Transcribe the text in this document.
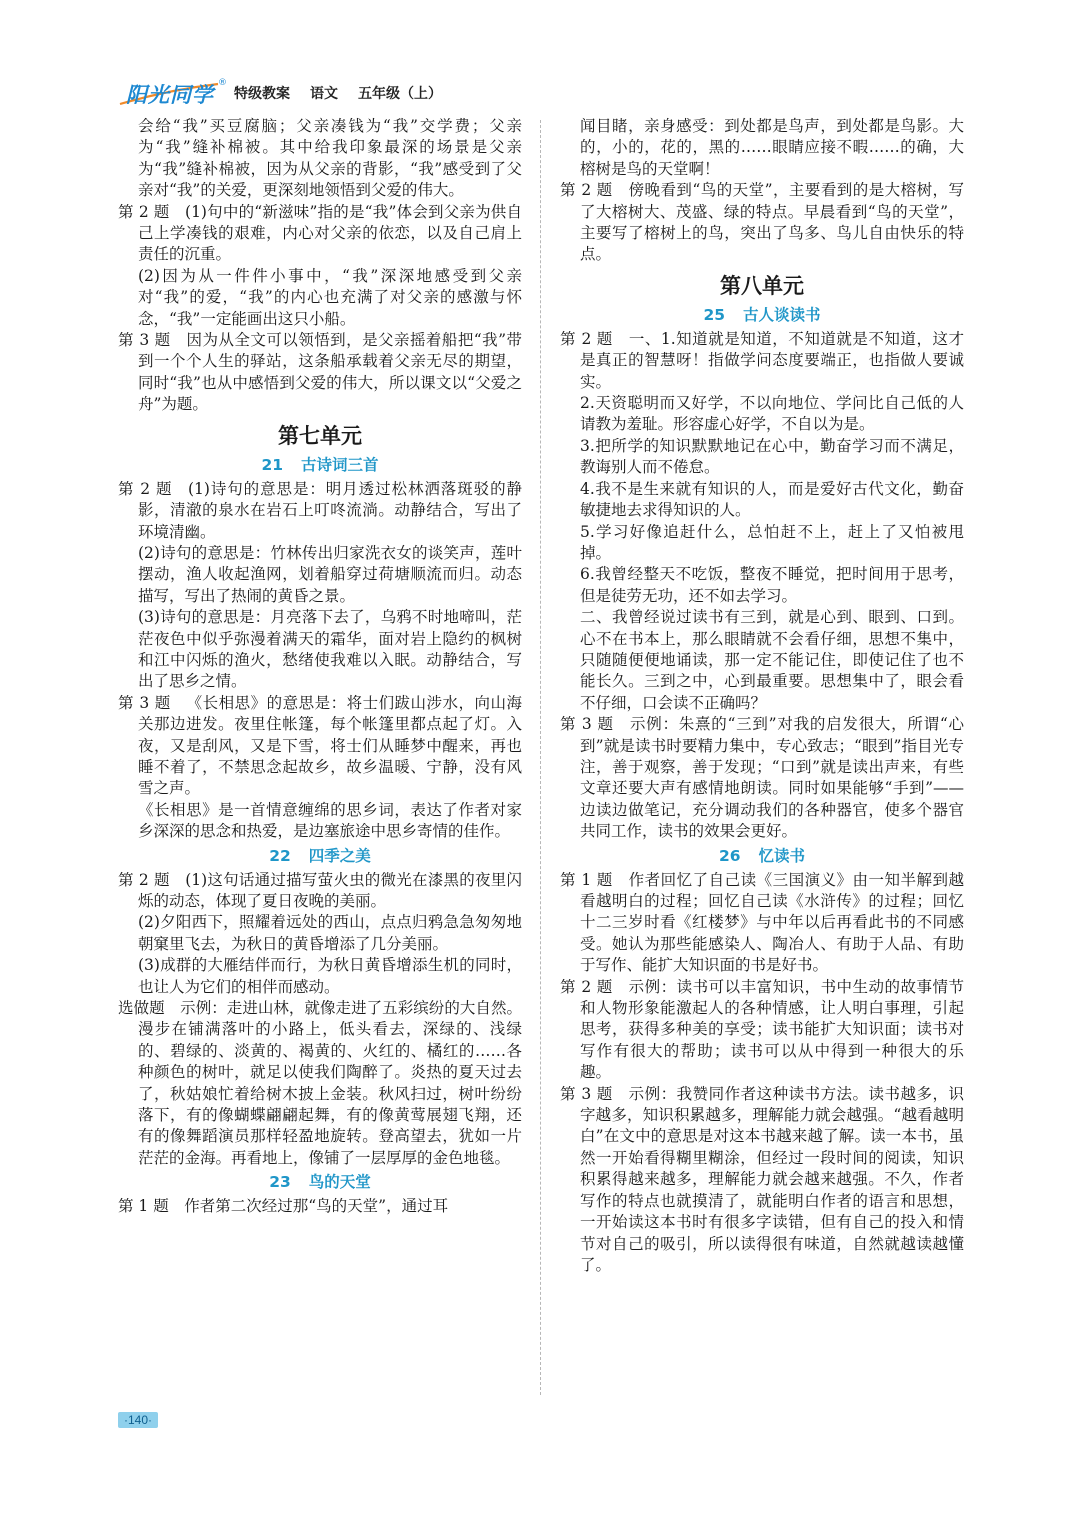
阳光同学 ®
特级教案 语文 五年级（上）

会给“我”买豆腐脑；父亲凑钱为“我”交学费；父亲为“我”缝补棉被。其中给我印象最深的场景是父亲为“我”缝补棉被，因为从父亲的背影，“我”感受到了父亲对“我”的关爱，更深刻地领悟到父爱的伟大。

第 2 题   (1)句中的“新滋味”指的是“我”体会到父亲为供自己上学凑钱的艰难，内心对父亲的依恋，以及自己肩上责任的沉重。

(2)因为从一件件小事中，“我”深深地感受到父亲对“我”的爱，“我”的内心也充满了对父亲的感激与怀念，“我”一定能画出这只小船。

第 3 题   因为从全文可以领悟到，是父亲摇着船把“我”带到一个个人生的驿站，这条船承载着父亲无尽的期望，同时“我”也从中感悟到父爱的伟大，所以课文以“父爱之舟”为题。

第七单元
21 古诗词三首

第 2 题   (1)诗句的意思是：明月透过松林洒落斑驳的静影，清澈的泉水在岩石上叮咚流淌。动静结合，写出了环境清幽。

(2)诗句的意思是：竹林传出归家洗衣女的谈笑声，莲叶摆动，渔人收起渔网，划着船穿过荷塘顺流而归。动态描写，写出了热闹的黄昏之景。

(3)诗句的意思是：月亮落下去了，乌鸦不时地啼叫，茫茫夜色中似乎弥漫着满天的霜华，面对岩上隐约的枫树和江中闪烁的渔火，愁绪使我难以入眠。动静结合，写出了思乡之情。

第 3 题   《长相思》的意思是：将士们跋山涉水，向山海关那边进发。夜里住帐篷，每个帐篷里都点起了灯。入夜，又是刮风，又是下雪，将士们从睡梦中醒来，再也睡不着了，不禁思念起故乡，故乡温暖、宁静，没有风雪之声。

《长相思》是一首情意缠绵的思乡词，表达了作者对家乡深深的思念和热爱，是边塞旅途中思乡寄情的佳作。

22 四季之美

第 2 题   (1)这句话通过描写萤火虫的微光在漆黑的夜里闪烁的动态，体现了夏日夜晚的美丽。

(2)夕阳西下，照耀着远处的西山，点点归鸦急急匆匆地朝窠里飞去，为秋日的黄昏增添了几分美丽。

(3)成群的大雁结伴而行，为秋日黄昏增添生机的同时，也让人为它们的相伴而感动。

选做题   示例：走进山林，就像走进了五彩缤纷的大自然。漫步在铺满落叶的小路上，低头看去，深绿的、浅绿的、碧绿的、淡黄的、褐黄的、火红的、橘红的……各种颜色的树叶，就足以使我们陶醉了。炎热的夏天过去了，秋姑娘忙着给树木披上金装。秋风扫过，树叶纷纷落下，有的像蝴蝶翩翩起舞，有的像黄莺展翅飞翔，还有的像舞蹈演员那样轻盈地旋转。登高望去，犹如一片茫茫的金海。再看地上，像铺了一层厚厚的金色地毯。

23 鸟的天堂

第 1 题   作者第二次经过那“鸟的天堂”，通过耳

闻目睹，亲身感受：到处都是鸟声，到处都是鸟影。大的，小的，花的，黑的……眼睛应接不暇……的确，大榕树是鸟的天堂啊！

第 2 题   傍晚看到“鸟的天堂”，主要看到的是大榕树，写了大榕树大、茂盛、绿的特点。早晨看到“鸟的天堂”，主要写了榕树上的鸟，突出了鸟多、鸟儿自由快乐的特点。

第八单元
25 古人谈读书

第 2 题   一、1.知道就是知道，不知道就是不知道，这才是真正的智慧呀！指做学问态度要端正，也指做人要诚实。

2.天资聪明而又好学，不以向地位、学问比自己低的人请教为羞耻。形容虚心好学，不自以为是。

3.把所学的知识默默地记在心中，勤奋学习而不满足，教诲别人而不倦怠。

4.我不是生来就有知识的人，而是爱好古代文化，勤奋敏捷地去求得知识的人。

5.学习好像追赶什么，总怕赶不上，赶上了又怕被甩掉。

6.我曾经整天不吃饭，整夜不睡觉，把时间用于思考，但是徒劳无功，还不如去学习。

二、我曾经说过读书有三到，就是心到、眼到、口到。心不在书本上，那么眼睛就不会看仔细，思想不集中，只随随便便地诵读，那一定不能记住，即使记住了也不能长久。三到之中，心到最重要。思想集中了，眼会看不仔细，口会读不正确吗？

第 3 题   示例：朱熹的“三到”对我的启发很大，所谓“心到”就是读书时要精力集中，专心致志；“眼到”指目光专注，善于观察，善于发现；“口到”就是读出声来，有些文章还要大声有感情地朗读。同时如果能够“手到”——边读边做笔记，充分调动我们的各种器官，使多个器官共同工作，读书的效果会更好。

26 忆读书

第 1 题   作者回忆了自己读《三国演义》由一知半解到越看越明白的过程；回忆自己读《水浒传》的过程；回忆十二三岁时看《红楼梦》与中年以后再看此书的不同感受。她认为那些能感染人、陶冶人、有助于人品、有助于写作、能扩大知识面的书是好书。

第 2 题   示例：读书可以丰富知识，书中生动的故事情节和人物形象能激起人的各种情感，让人明白事理，引起思考，获得多种美的享受；读书能扩大知识面；读书对写作有很大的帮助；读书可以从中得到一种很大的乐趣。

第 3 题   示例：我赞同作者这种读书方法。读书越多，识字越多，知识积累越多，理解能力就会越强。“越看越明白”在文中的意思是对这本书越来越了解。读一本书，虽然一开始看得糊里糊涂，但经过一段时间的阅读，知识积累得越来越多，理解能力就会越来越强。不久，作者写作的特点也就摸清了，就能明白作者的语言和思想，一开始读这本书时有很多字读错，但有自己的投入和情节对自己的吸引，所以读得很有味道，自然就越读越懂了。

·140·
